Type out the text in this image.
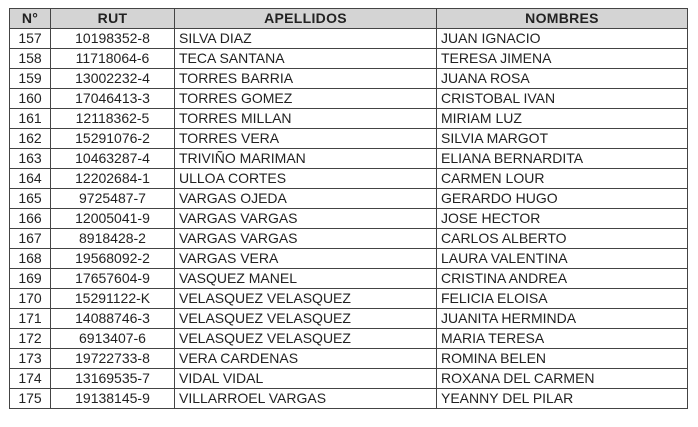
N°	RUT	APELLIDOS	NOMBRES
157	10198352-8	SILVA DIAZ	JUAN IGNACIO
158	11718064-6	TECA SANTANA	TERESA JIMENA
159	13002232-4	TORRES BARRIA	JUANA ROSA
160	17046413-3	TORRES GOMEZ	CRISTOBAL IVAN
161	12118362-5	TORRES MILLAN	MIRIAM LUZ
162	15291076-2	TORRES VERA	SILVIA MARGOT
163	10463287-4	TRIVIÑO MARIMAN	ELIANA BERNARDITA
164	12202684-1	ULLOA CORTES	CARMEN LOUR
165	9725487-7	VARGAS OJEDA	GERARDO HUGO
166	12005041-9	VARGAS VARGAS	JOSE HECTOR
167	8918428-2	VARGAS VARGAS	CARLOS ALBERTO
168	19568092-2	VARGAS VERA	LAURA VALENTINA
169	17657604-9	VASQUEZ MANEL	CRISTINA ANDREA
170	15291122-K	VELASQUEZ VELASQUEZ	FELICIA ELOISA
171	14088746-3	VELASQUEZ VELASQUEZ	JUANITA HERMINDA
172	6913407-6	VELASQUEZ VELASQUEZ	MARIA TERESA
173	19722733-8	VERA CARDENAS	ROMINA BELEN
174	13169535-7	VIDAL VIDAL	ROXANA DEL CARMEN
175	19138145-9	VILLARROEL VARGAS	YEANNY DEL PILAR
